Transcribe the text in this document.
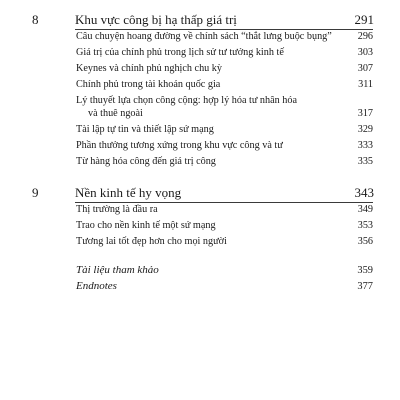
8	Khu vực công bị hạ thấp giá trị	291
Câu chuyện hoang đường về chính sách “thắt lưng buộc bụng”	296
Giá trị của chính phủ trong lịch sử tư tưởng kinh tế	303
Keynes và chính phủ nghịch chu kỳ	307
Chính phủ trong tài khoản quốc gia	311
Lý thuyết lựa chọn công cộng: hợp lý hóa tư nhân hóa
và thuê ngoài	317
Tài lập tự tin và thiết lập sứ mạng	329
Phần thưởng tương xứng trong khu vực công và tư	333
Từ hàng hóa công đến giá trị công	335
9	Nền kinh tế hy vọng	343
Thị trường là đầu ra	349
Trao cho nền kinh tế một sứ mạng	353
Tương lai tốt đẹp hơn cho mọi người	356
Tài liệu tham khảo	359
Endnotes	377
